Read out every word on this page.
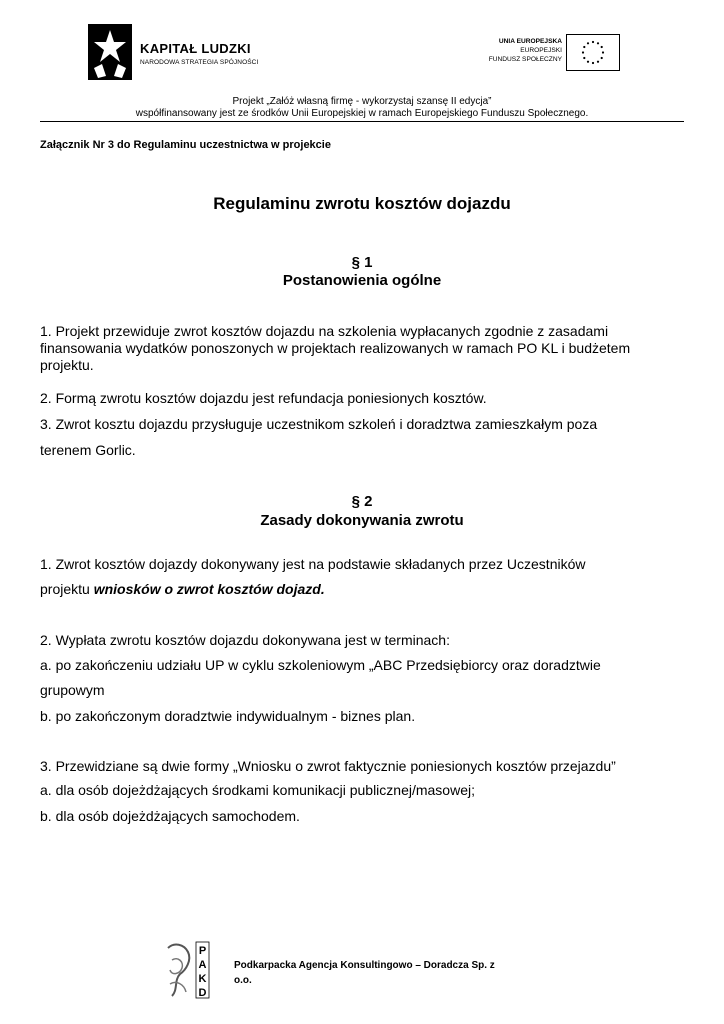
KAPITAŁ LUDZKI
NARODOWA STRATEGIA SPÓJNOŚCI
UNIA EUROPEJSKA
EUROPEJSKI
FUNDUSZ SPOŁECZNY
Projekt „Załóż własną firmę - wykorzystaj szansę II edycja”
współfinansowany jest ze środków Unii Europejskiej w ramach Europejskiego Funduszu Społecznego.
Załącznik Nr 3 do Regulaminu uczestnictwa w projekcie
Regulaminu zwrotu kosztów dojazdu
§ 1
Postanowienia ogólne
1. Projekt przewiduje zwrot kosztów dojazdu na szkolenia wypłacanych zgodnie z zasadami
finansowania wydatków ponoszonych w projektach realizowanych w ramach PO KL i budżetem
projektu.
2. Formą zwrotu kosztów dojazdu jest refundacja poniesionych kosztów.
3. Zwrot kosztu dojazdu przysługuje uczestnikom szkoleń i doradztwa zamieszkałym poza
terenem Gorlic.
§ 2
Zasady dokonywania zwrotu
1. Zwrot kosztów dojazdy dokonywany jest na podstawie składanych przez Uczestników
projektu wniosków o zwrot kosztów dojazd.
2. Wypłata zwrotu kosztów dojazdu dokonywana jest w terminach:
a. po zakończeniu udziału UP w cyklu szkoleniowym „ABC Przedsiębiorcy oraz doradztwie
grupowym
b. po zakończonym doradztwie indywidualnym - biznes plan.
3. Przewidziane są dwie formy „Wniosku o zwrot faktycznie poniesionych kosztów przejazdu”
a. dla osób dojeżdżających środkami komunikacji publicznej/masowej;
b. dla osób dojeżdżających samochodem.
P
A
K
D
Podkarpacka Agencja Konsultingowo – Doradcza Sp. z
o.o.
